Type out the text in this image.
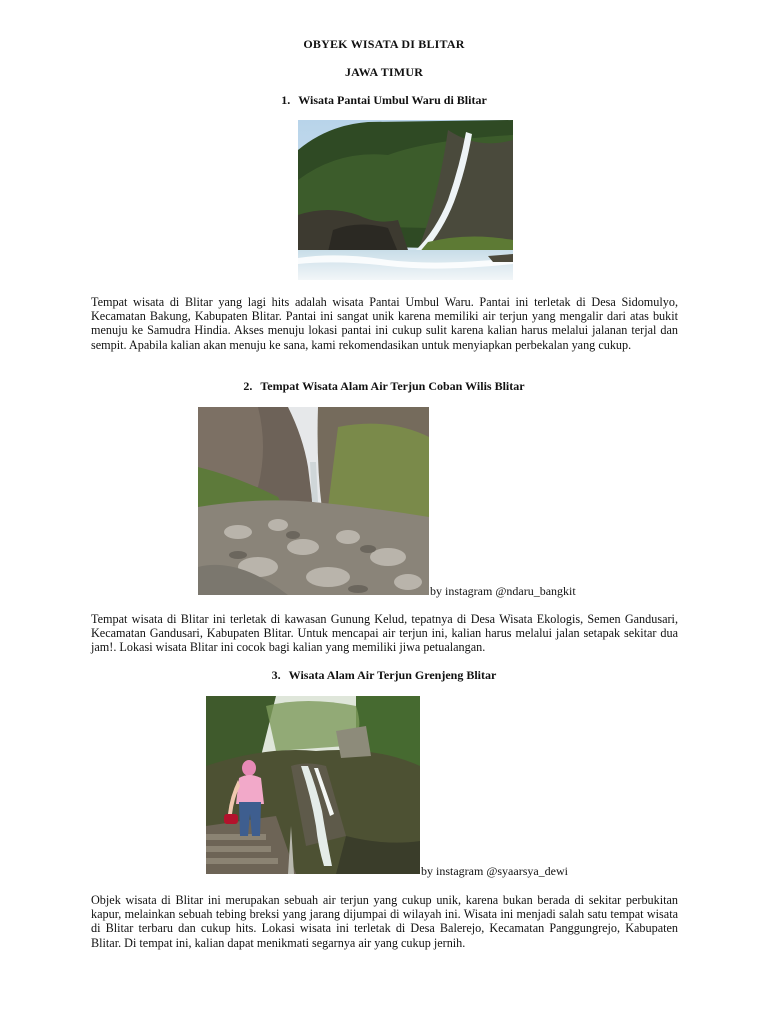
OBYEK WISATA DI BLITAR
JAWA TIMUR
1. Wisata Pantai Umbul Waru di Blitar
Tempat wisata di Blitar yang lagi hits adalah wisata Pantai Umbul Waru. Pantai ini terletak di Desa Sidomulyo, Kecamatan Bakung, Kabupaten Blitar. Pantai ini sangat unik karena memiliki air terjun yang mengalir dari atas bukit menuju ke Samudra Hindia. Akses menuju lokasi pantai ini cukup sulit karena kalian harus melalui jalanan terjal dan sempit. Apabila kalian akan menuju ke sana, kami rekomendasikan untuk menyiapkan perbekalan yang cukup.
2. Tempat Wisata Alam Air Terjun Coban Wilis Blitar
by instagram @ndaru_bangkit
Tempat wisata di Blitar ini terletak di kawasan Gunung Kelud, tepatnya di Desa Wisata Ekologis, Semen Gandusari, Kecamatan Gandusari, Kabupaten Blitar. Untuk mencapai air terjun ini, kalian harus melalui jalan setapak sekitar dua jam!. Lokasi wisata Blitar ini cocok bagi kalian yang memiliki jiwa petualangan.
3. Wisata Alam Air Terjun Grenjeng Blitar
by instagram @syaarsya_dewi
Objek wisata di Blitar ini merupakan sebuah air terjun yang cukup unik, karena bukan berada di sekitar perbukitan kapur, melainkan sebuah tebing breksi yang jarang dijumpai di wilayah ini. Wisata ini menjadi salah satu tempat wisata di Blitar terbaru dan cukup hits. Lokasi wisata ini terletak di Desa Balerejo, Kecamatan Panggungrejo, Kabupaten Blitar. Di tempat ini, kalian dapat menikmati segarnya air yang cukup jernih.
